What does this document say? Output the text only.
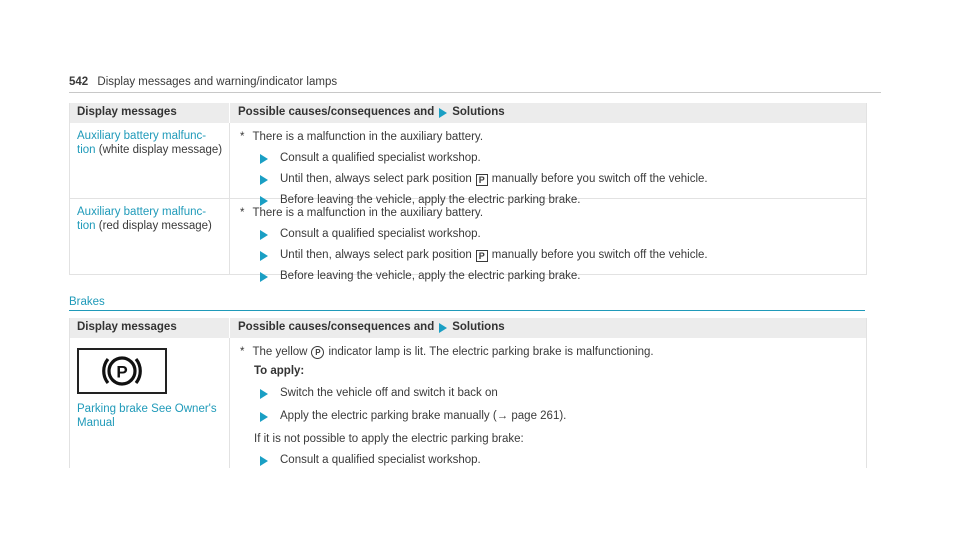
542 Display messages and warning/indicator lamps
Display messages	Possible causes/consequences and Solutions
Auxiliary battery malfunc-
tion (white display message)
* There is a malfunction in the auxiliary battery.
Consult a qualified specialist workshop.
Until then, always select park position P manually before you switch off the vehicle.
Before leaving the vehicle, apply the electric parking brake.
Auxiliary battery malfunc-
tion (red display message)
* There is a malfunction in the auxiliary battery.
Consult a qualified specialist workshop.
Until then, always select park position P manually before you switch off the vehicle.
Before leaving the vehicle, apply the electric parking brake.
Brakes
Display messages	Possible causes/consequences and Solutions
P
Parking brake See Owner's
Manual
* The yellow P indicator lamp is lit. The electric parking brake is malfunctioning.
To apply:
Switch the vehicle off and switch it back on
Apply the electric parking brake manually (→ page 261).
If it is not possible to apply the electric parking brake:
Consult a qualified specialist workshop.
